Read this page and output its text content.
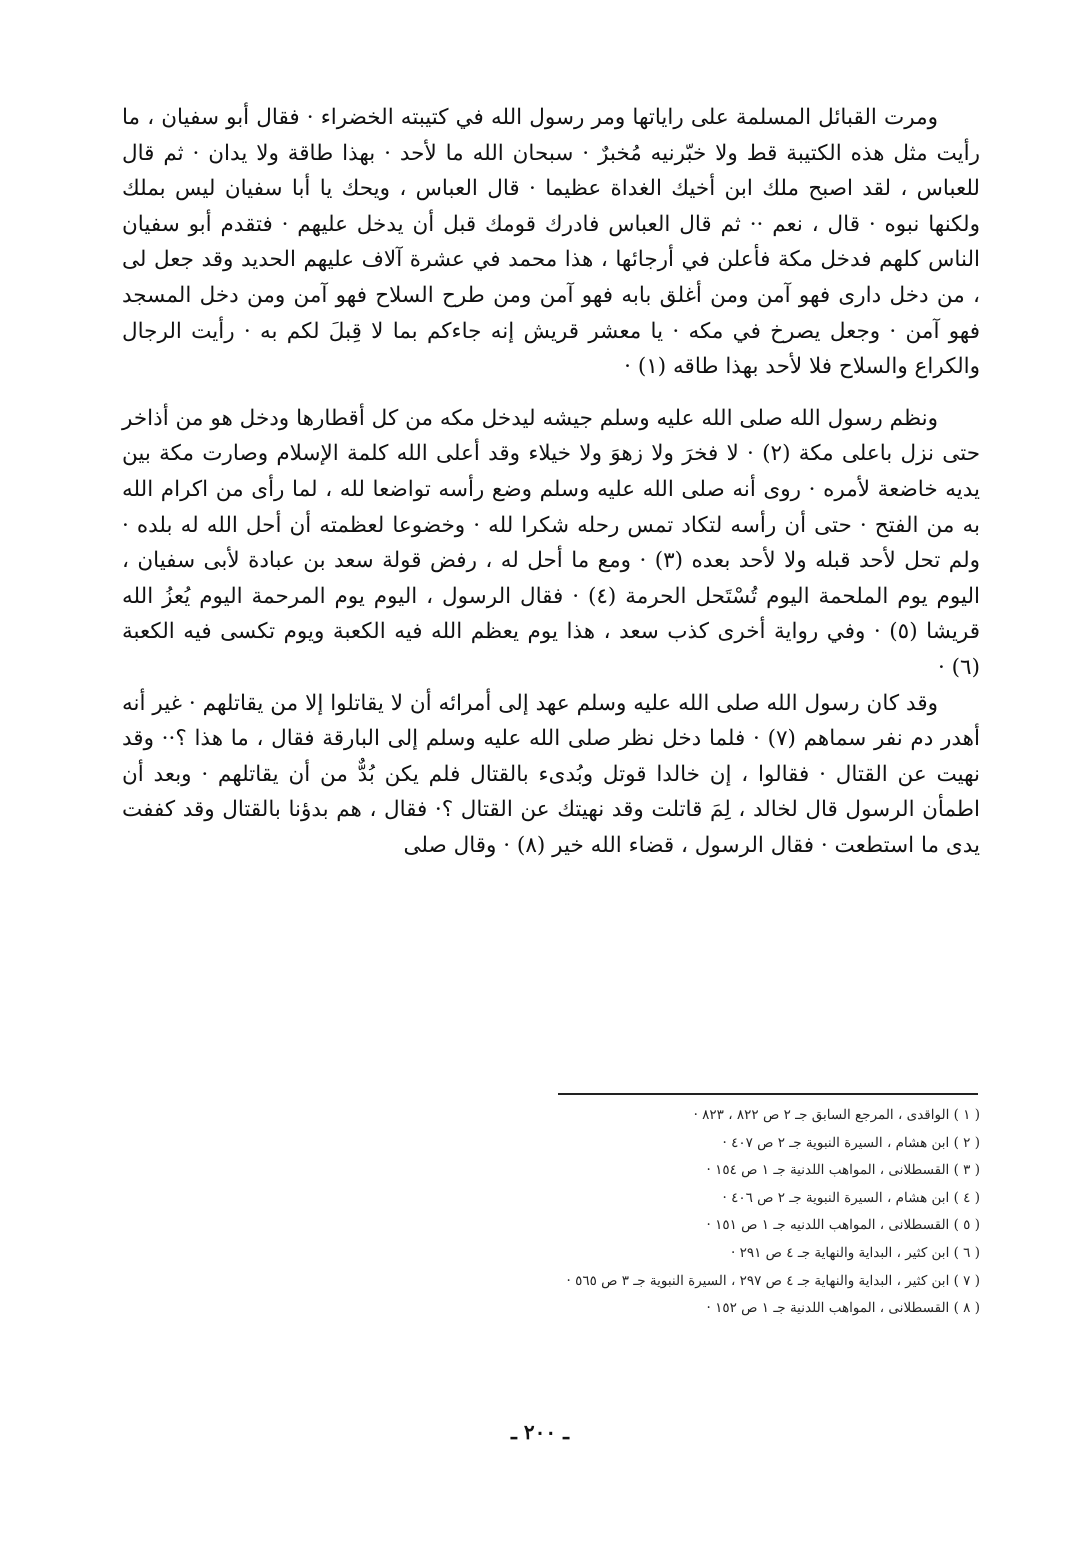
ومرت القبائل المسلمة على راياتها ومر رسول الله في كتيبته الخضراء · فقال أبو سفيان ، ما رأيت مثل هذه الكتيبة قط ولا خبّرنيه مُخبرٌ · سبحان الله ما لأحد · بهذا طاقة ولا يدان · ثم قال للعباس ، لقد اصبح ملك ابن أخيك الغداة عظيما · قال العباس ، ويحك يا أبا سفيان ليس بملك ولكنها نبوه · قال ، نعم ·· ثم قال العباس فادرك قومك قبل أن يدخل عليهم · فتقدم أبو سفيان الناس كلهم فدخل مكة فأعلن في أرجائها ، هذا محمد في عشرة آلاف عليهم الحديد وقد جعل لى ، من دخل دارى فهو آمن ومن أغلق بابه فهو آمن ومن طرح السلاح فهو آمن ومن دخل المسجد فهو آمن · وجعل يصرخ في مكه · يا معشر قريش إنه جاءكم بما لا قِبلَ لكم به · رأيت الرجال والكراع والسلاح فلا لأحد بهذا طاقه (١) ·

ونظم رسول الله صلى الله عليه وسلم جيشه ليدخل مكه من كل أقطارها ودخل هو من أذاخر حتى نزل باعلى مكة (٢) · لا فخرَ ولا زهوَ ولا خيلاء وقد أعلى الله كلمة الإسلام وصارت مكة بين يديه خاضعة لأمره · روى أنه صلى الله عليه وسلم وضع رأسه تواضعا لله ، لما رأى من اكرام الله به من الفتح · حتى أن رأسه لتكاد تمس رحله شكرا لله · وخضوعا لعظمته أن أحل الله له بلده · ولم تحل لأحد قبله ولا لأحد بعده (٣) · ومع ما أحل له ، رفض قولة سعد بن عبادة لأبى سفيان ، اليوم يوم الملحمة اليوم تُسْتَحل الحرمة (٤) · فقال الرسول ، اليوم يوم المرحمة اليوم يُعزُ الله قريشا (٥) · وفي رواية أخرى كذب سعد ، هذا يوم يعظم الله فيه الكعبة ويوم تكسى فيه الكعبة (٦) ·

وقد كان رسول الله صلى الله عليه وسلم عهد إلى أمرائه أن لا يقاتلوا إلا من يقاتلهم · غير أنه أهدر دم نفر سماهم (٧) · فلما دخل نظر صلى الله عليه وسلم إلى البارقة فقال ، ما هذا ؟·· وقد نهيت عن القتال · فقالوا ، إن خالدا قوتل وبُدىء بالقتال فلم يكن بُدٌّ من أن يقاتلهم · وبعد أن اطمأن الرسول قال لخالد ، لِمَ قاتلت وقد نهيتك عن القتال ؟· فقال ، هم بدؤنا بالقتال وقد كففت يدى ما استطعت · فقال الرسول ، قضاء الله خير (٨) · وقال صلى

( ١ ) الواقدى ، المرجع السابق جـ ٢ ص ٨٢٢ ، ٨٢٣ ·
( ٢ ) ابن هشام ، السيرة النبوية جـ ٢ ص ٤٠٧ ·
( ٣ ) القسطلانى ، المواهب اللدنية جـ ١ ص ١٥٤ ·
( ٤ ) ابن هشام ، السيرة النبوية جـ ٢ ص ٤٠٦ ·
( ٥ ) القسطلانى ، المواهب اللدنيه جـ ١ ص ١٥١ ·
( ٦ ) ابن كثير ، البداية والنهاية جـ ٤ ص ٢٩١ ·
( ٧ ) ابن كثير ، البداية والنهاية جـ ٤ ص ٢٩٧ ، السيرة النبوية جـ ٣ ص ٥٦٥ ·
( ٨ ) القسطلانى ، المواهب اللدنية جـ ١ ص ١٥٢ ·
ـ ٢٠٠ ـ
